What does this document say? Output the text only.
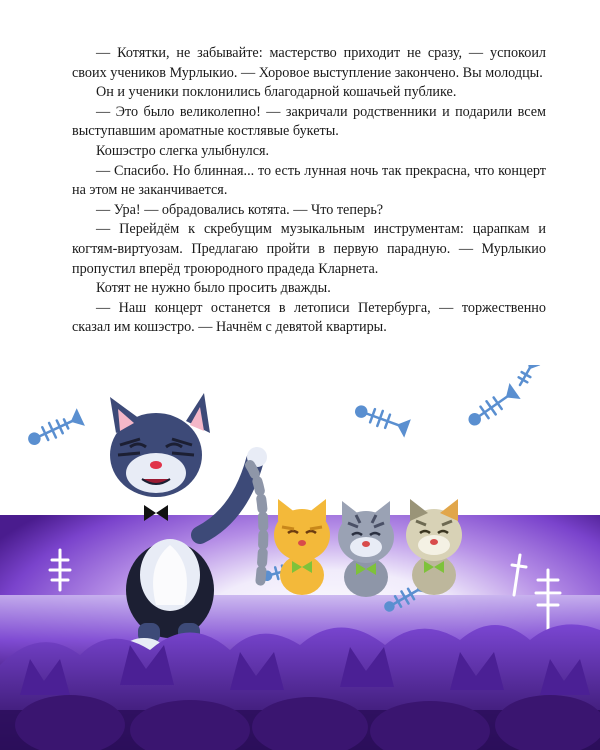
— Котятки, не забывайте: мастерство приходит не сразу, — успокоил своих учеников Мурлыкио. — Хоровое выступление закончено. Вы молодцы.

Он и ученики поклонились благодарной кошачьей публике.

— Это было великолепно! — закричали родственники и подарили всем выступавшим ароматные костлявые букеты.

Кошэстро слегка улыбнулся.

— Спасибо. Но блинная... то есть лунная ночь так прекрасна, что концерт на этом не заканчивается.

— Ура! — обрадовались котята. — Что теперь?

— Перейдём к скребущим музыкальным инструментам: царапкам и когтям-виртуозам. Предлагаю пройти в первую парадную. — Мурлыкио пропустил вперёд троюродного прадеда Кларнета.

Котят не нужно было просить дважды.

— Наш концерт останется в летописи Петербурга, — торжественно сказал им кошэстро. — Начнём с девятой квартиры.
